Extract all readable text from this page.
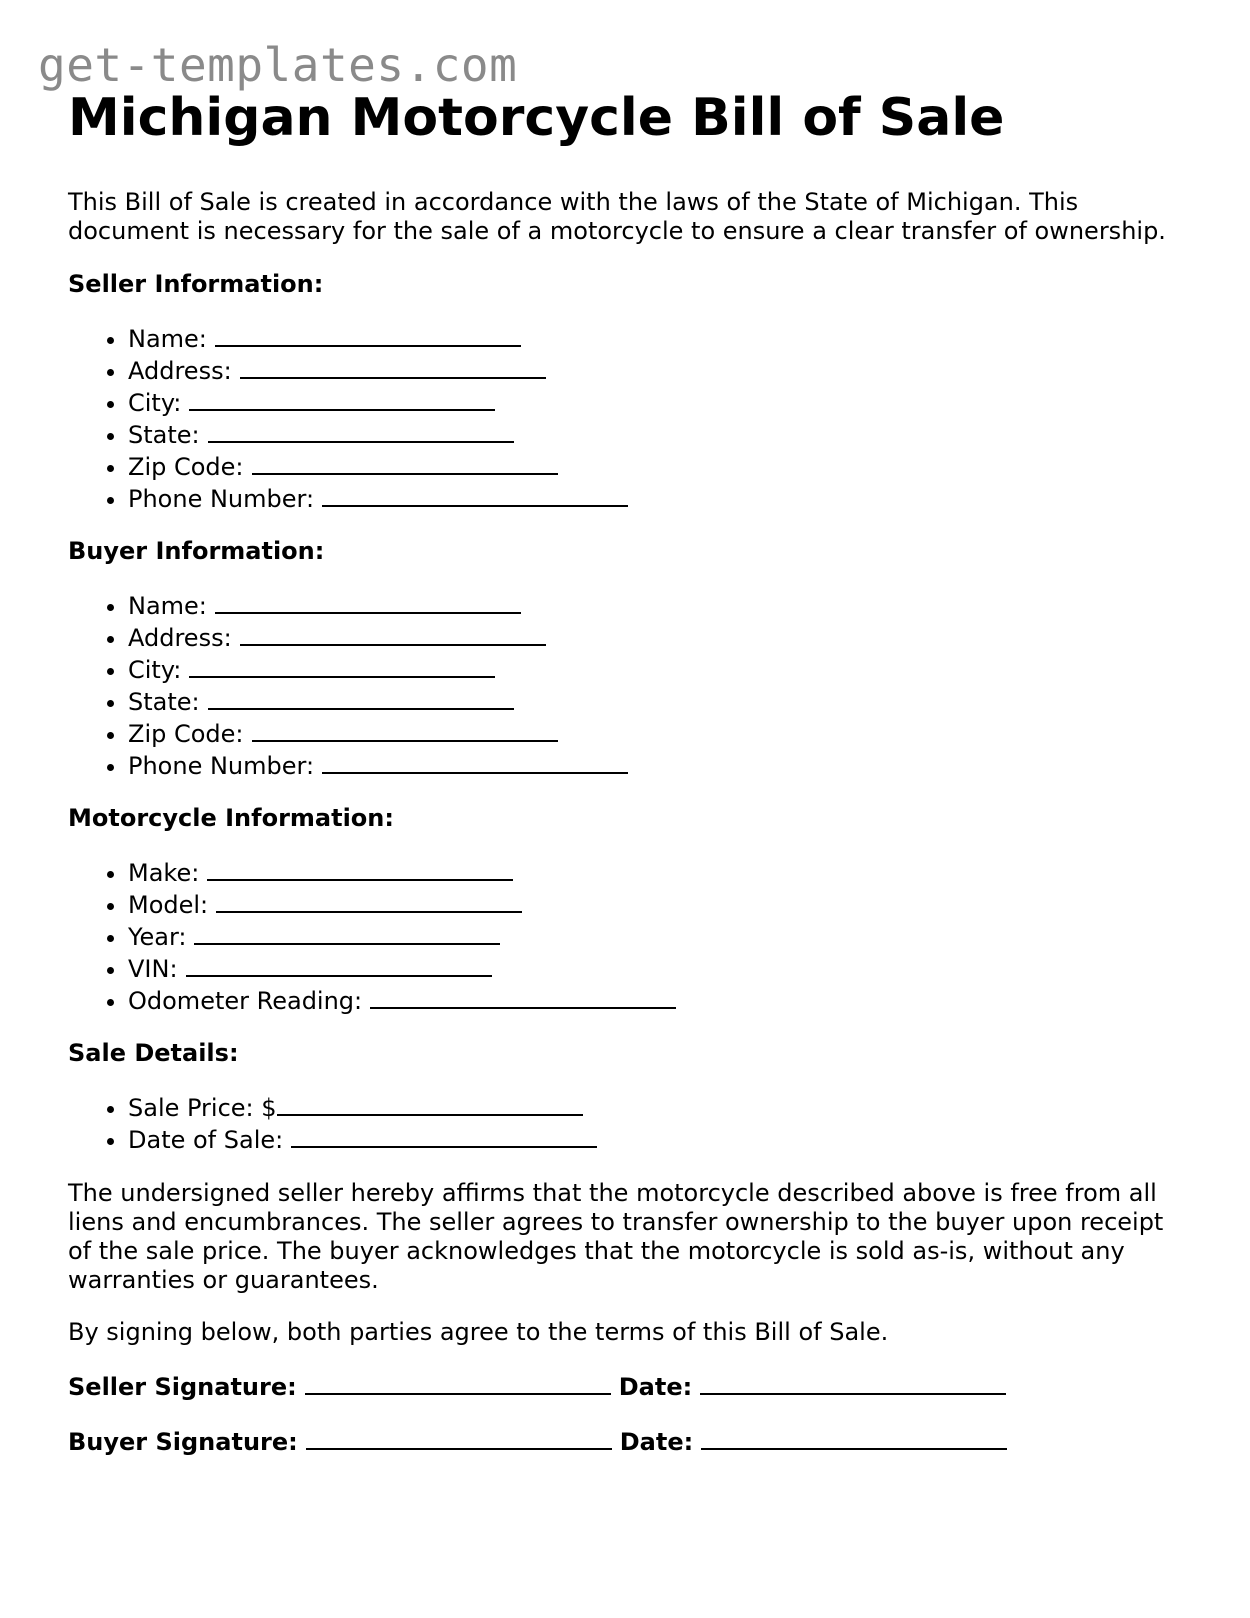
get-templates.com
Michigan Motorcycle Bill of Sale

This Bill of Sale is created in accordance with the laws of the State of Michigan. This document is necessary for the sale of a motorcycle to ensure a clear transfer of ownership.

Seller Information:
• Name:
• Address:
• City:
• State:
• Zip Code:
• Phone Number:
Buyer Information:
• Name:
• Address:
• City:
• State:
• Zip Code:
• Phone Number:
Motorcycle Information:
• Make:
• Model:
• Year:
• VIN:
• Odometer Reading:
Sale Details:
• Sale Price: $
• Date of Sale:

The undersigned seller hereby affirms that the motorcycle described above is free from all liens and encumbrances. The seller agrees to transfer ownership to the buyer upon receipt of the sale price. The buyer acknowledges that the motorcycle is sold as-is, without any warranties or guarantees.

By signing below, both parties agree to the terms of this Bill of Sale.

Seller Signature:	Date:
Buyer Signature:	Date:
